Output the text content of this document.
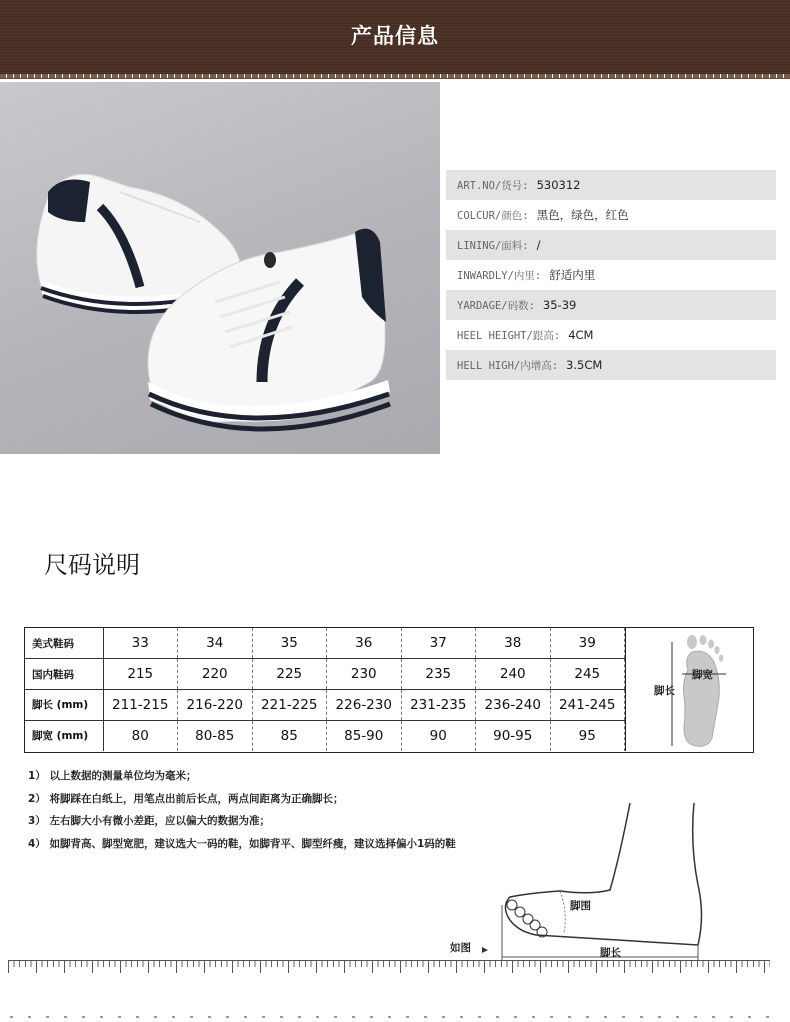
产品信息
ART.NO/货号: 530312
COLCUR/颜色: 黑色，绿色，红色
LINING/面料: /
INWARDLY/内里: 舒适内里
YARDAGE/码数: 35-39
HEEL HEIGHT/跟高: 4CM
HELL HIGH/内增高: 3.5CM
尺码说明
美式鞋码	33	34	35	36	37	38	39
国内鞋码	215	220	225	230	235	240	245
脚长 (mm)	211-215	216-220	221-225	226-230	231-235	236-240	241-245
脚宽 (mm)	80	80-85	85	85-90	90	90-95	95
脚宽
脚长
1） 以上数据的测量单位均为毫米；
2） 将脚踩在白纸上，用笔点出前后长点，两点间距离为正确脚长；
3） 左右脚大小有微小差距，应以偏大的数据为准；
4） 如脚背高、脚型宽肥，建议选大一码的鞋，如脚背平、脚型纤瘦，建议选择偏小1码的鞋
脚围
脚长
如图
